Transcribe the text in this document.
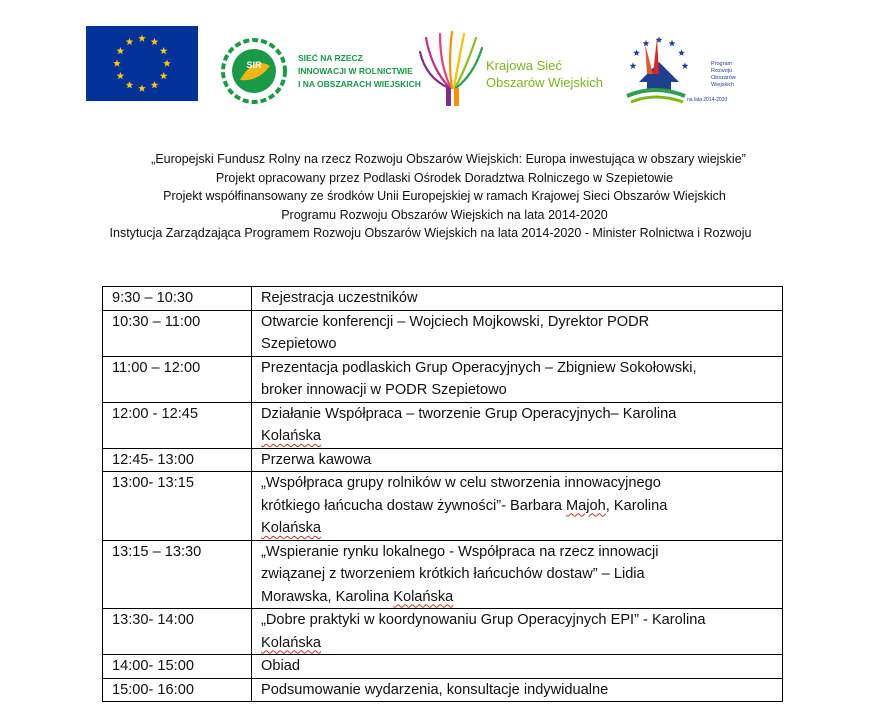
SIR
SIEĆ NA RZECZ
INNOWACJI W ROLNICTWIE
I NA OBSZARACH WIEJSKICH
Krajowa Sieć
Obszarów Wiejskich
Program
Rozwoju
Obszarów
Wiejskich
na lata 2014-2020
„Europejski Fundusz Rolny na rzecz Rozwoju Obszarów Wiejskich: Europa inwestująca w obszary wiejskie”
Projekt opracowany przez Podlaski Ośrodek Doradztwa Rolniczego w Szepietowie
Projekt współfinansowany ze środków Unii Europejskiej w ramach Krajowej Sieci Obszarów Wiejskich
Programu Rozwoju Obszarów Wiejskich na lata 2014-2020
Instytucja Zarządzająca Programem Rozwoju Obszarów Wiejskich na lata 2014-2020 - Minister Rolnictwa i Rozwoju
9:30 – 10:30	Rejestracja uczestników

10:30 – 11:00	Otwarcie konferencji – Wojciech Mojkowski, Dyrektor PODR
Szepietowo

11:00 – 12:00	Prezentacja podlaskich Grup Operacyjnych – Zbigniew Sokołowski,
broker innowacji w PODR Szepietowo

12:00 - 12:45	Działanie Współpraca – tworzenie Grup Operacyjnych– Karolina
Kolańska

12:45- 13:00	Przerwa kawowa

13:00- 13:15	„Współpraca grupy rolników w celu stworzenia innowacyjnego
krótkiego łańcucha dostaw żywności”- Barbara Majoh, Karolina
Kolańska

13:15 – 13:30	„Wspieranie rynku lokalnego - Współpraca na rzecz innowacji
związanej z tworzeniem krótkich łańcuchów dostaw” – Lidia
Morawska, Karolina Kolańska

13:30- 14:00	„Dobre praktyki w koordynowaniu Grup Operacyjnych EPI” - Karolina
Kolańska

14:00- 15:00	Obiad

15:00- 16:00	Podsumowanie wydarzenia, konsultacje indywidualne
